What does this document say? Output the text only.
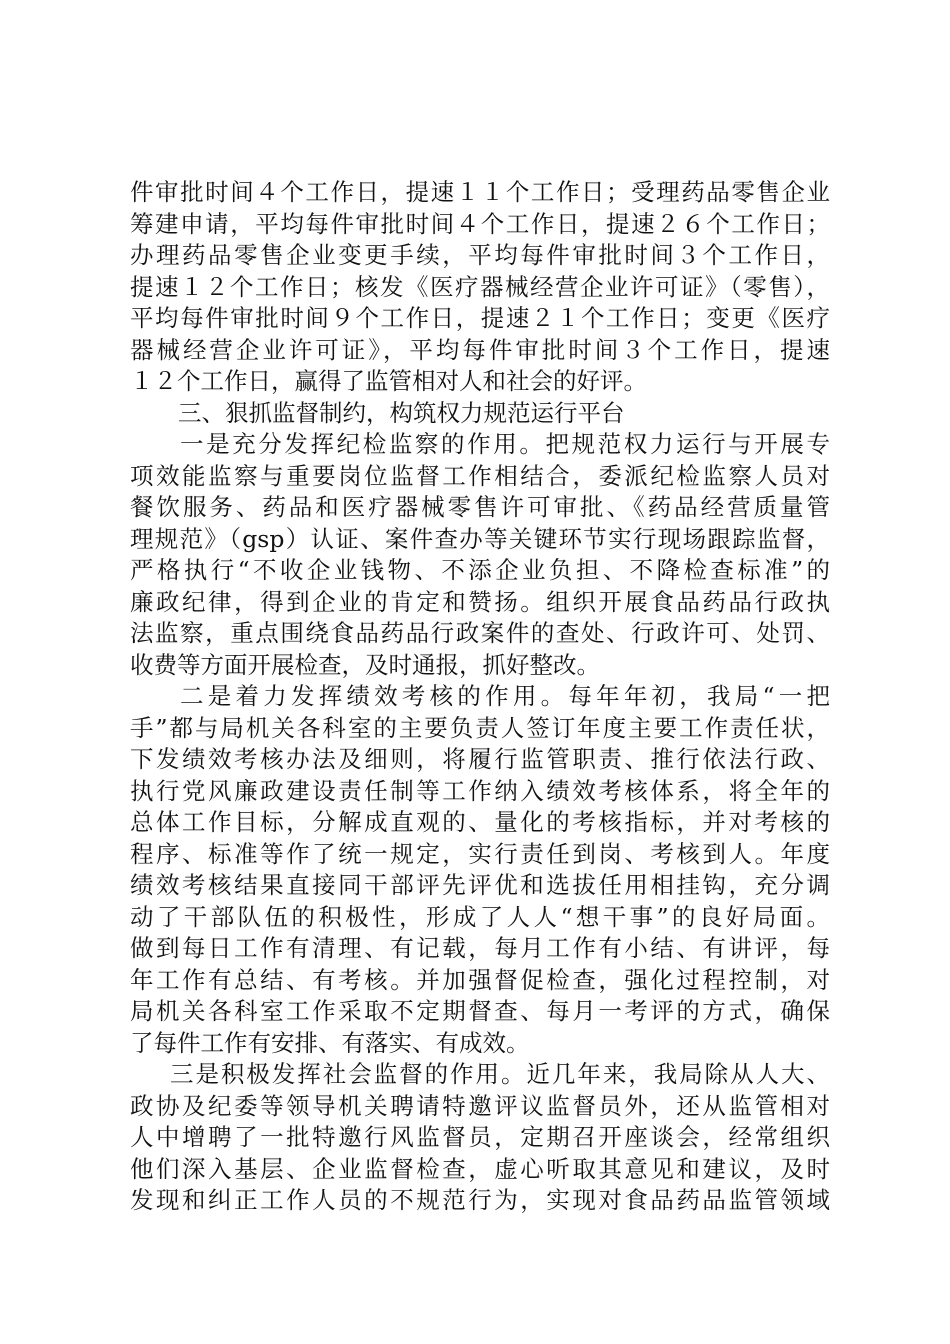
件审批时间４个工作日，提速１１个工作日；受理药品零售企业
筹建申请，平均每件审批时间４个工作日，提速２６个工作日；
办理药品零售企业变更手续，平均每件审批时间３个工作日，
提速１２个工作日；核发《医疗器械经营企业许可证》（零售），
平均每件审批时间９个工作日，提速２１个工作日；变更《医疗
器械经营企业许可证》，平均每件审批时间３个工作日，提速
１２个工作日，赢得了监管相对人和社会的好评。
三、狠抓监督制约，构筑权力规范运行平台
一是充分发挥纪检监察的作用。把规范权力运行与开展专
项效能监察与重要岗位监督工作相结合，委派纪检监察人员对
餐饮服务、药品和医疗器械零售许可审批、《药品经营质量管
理规范》（gsp）认证、案件查办等关键环节实行现场跟踪监督，
严格执行“不收企业钱物、不添企业负担、不降检查标准”的
廉政纪律，得到企业的肯定和赞扬。组织开展食品药品行政执
法监察，重点围绕食品药品行政案件的查处、行政许可、处罚、
收费等方面开展检查，及时通报，抓好整改。
二是着力发挥绩效考核的作用。每年年初，我局“一把
手”都与局机关各科室的主要负责人签订年度主要工作责任状，
下发绩效考核办法及细则，将履行监管职责、推行依法行政、
执行党风廉政建设责任制等工作纳入绩效考核体系，将全年的
总体工作目标，分解成直观的、量化的考核指标，并对考核的
程序、标准等作了统一规定，实行责任到岗、考核到人。年度
绩效考核结果直接同干部评先评优和选拔任用相挂钩，充分调
动了干部队伍的积极性，形成了人人“想干事”的良好局面。
做到每日工作有清理、有记载，每月工作有小结、有讲评，每
年工作有总结、有考核。并加强督促检查，强化过程控制，对
局机关各科室工作采取不定期督查、每月一考评的方式，确保
了每件工作有安排、有落实、有成效。
三是积极发挥社会监督的作用。近几年来，我局除从人大、
政协及纪委等领导机关聘请特邀评议监督员外，还从监管相对
人中增聘了一批特邀行风监督员，定期召开座谈会，经常组织
他们深入基层、企业监督检查，虚心听取其意见和建议，及时
发现和纠正工作人员的不规范行为，实现对食品药品监管领域
